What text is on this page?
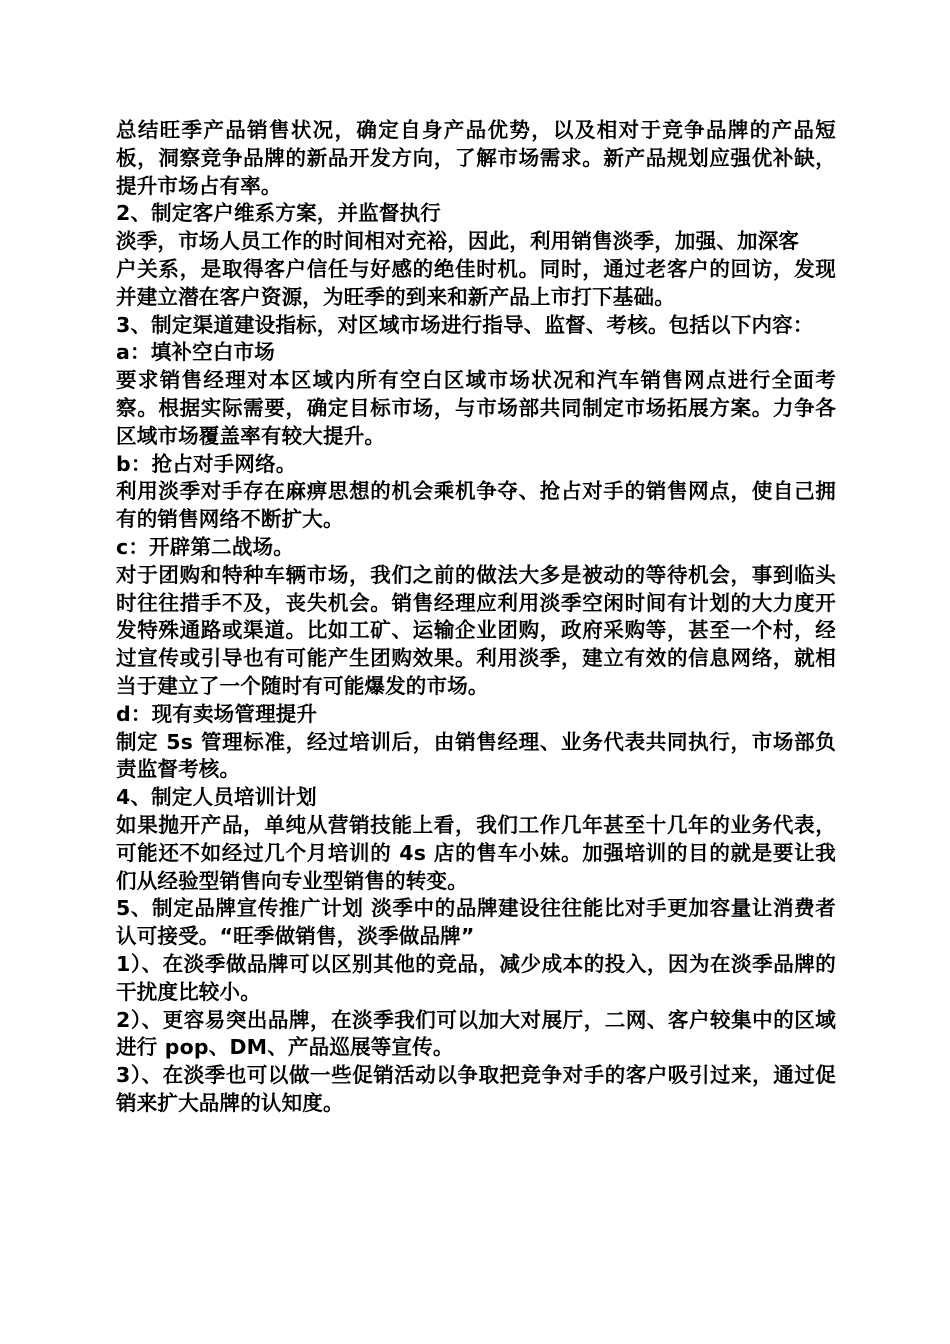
总结旺季产品销售状况，确定自身产品优势，以及相对于竞争品牌的产品短板，洞察竞争品牌的新品开发方向，了解市场需求。新产品规划应强优补缺，提升市场占有率。

2、制定客户维系方案，并监督执行

淡季，市场人员工作的时间相对充裕，因此，利用销售淡季，加强、加深客

户关系，是取得客户信任与好感的绝佳时机。同时，通过老客户的回访，发现并建立潜在客户资源，为旺季的到来和新产品上市打下基础。

3、制定渠道建设指标，对区域市场进行指导、监督、考核。包括以下内容：

a：填补空白市场

要求销售经理对本区域内所有空白区域市场状况和汽车销售网点进行全面考察。根据实际需要，确定目标市场，与市场部共同制定市场拓展方案。力争各区域市场覆盖率有较大提升。

b：抢占对手网络。

利用淡季对手存在麻痹思想的机会乘机争夺、抢占对手的销售网点，使自己拥有的销售网络不断扩大。

c：开辟第二战场。

对于团购和特种车辆市场，我们之前的做法大多是被动的等待机会，事到临头时往往措手不及，丧失机会。销售经理应利用淡季空闲时间有计划的大力度开发特殊通路或渠道。比如工矿、运输企业团购，政府采购等，甚至一个村，经过宣传或引导也有可能产生团购效果。利用淡季，建立有效的信息网络，就相当于建立了一个随时有可能爆发的市场。

d：现有卖场管理提升

制定 5s 管理标准，经过培训后，由销售经理、业务代表共同执行，市场部负责监督考核。

4、制定人员培训计划

如果抛开产品，单纯从营销技能上看，我们工作几年甚至十几年的业务代表，可能还不如经过几个月培训的 4s 店的售车小妹。加强培训的目的就是要让我们从经验型销售向专业型销售的转变。

5、制定品牌宣传推广计划 淡季中的品牌建设往往能比对手更加容量让消费者认可接受。“旺季做销售，淡季做品牌”

1）、在淡季做品牌可以区别其他的竞品，减少成本的投入，因为在淡季品牌的干扰度比较小。

2）、更容易突出品牌，在淡季我们可以加大对展厅，二网、客户较集中的区域进行 pop、DM、产品巡展等宣传。

3）、在淡季也可以做一些促销活动以争取把竞争对手的客户吸引过来，通过促销来扩大品牌的认知度。
